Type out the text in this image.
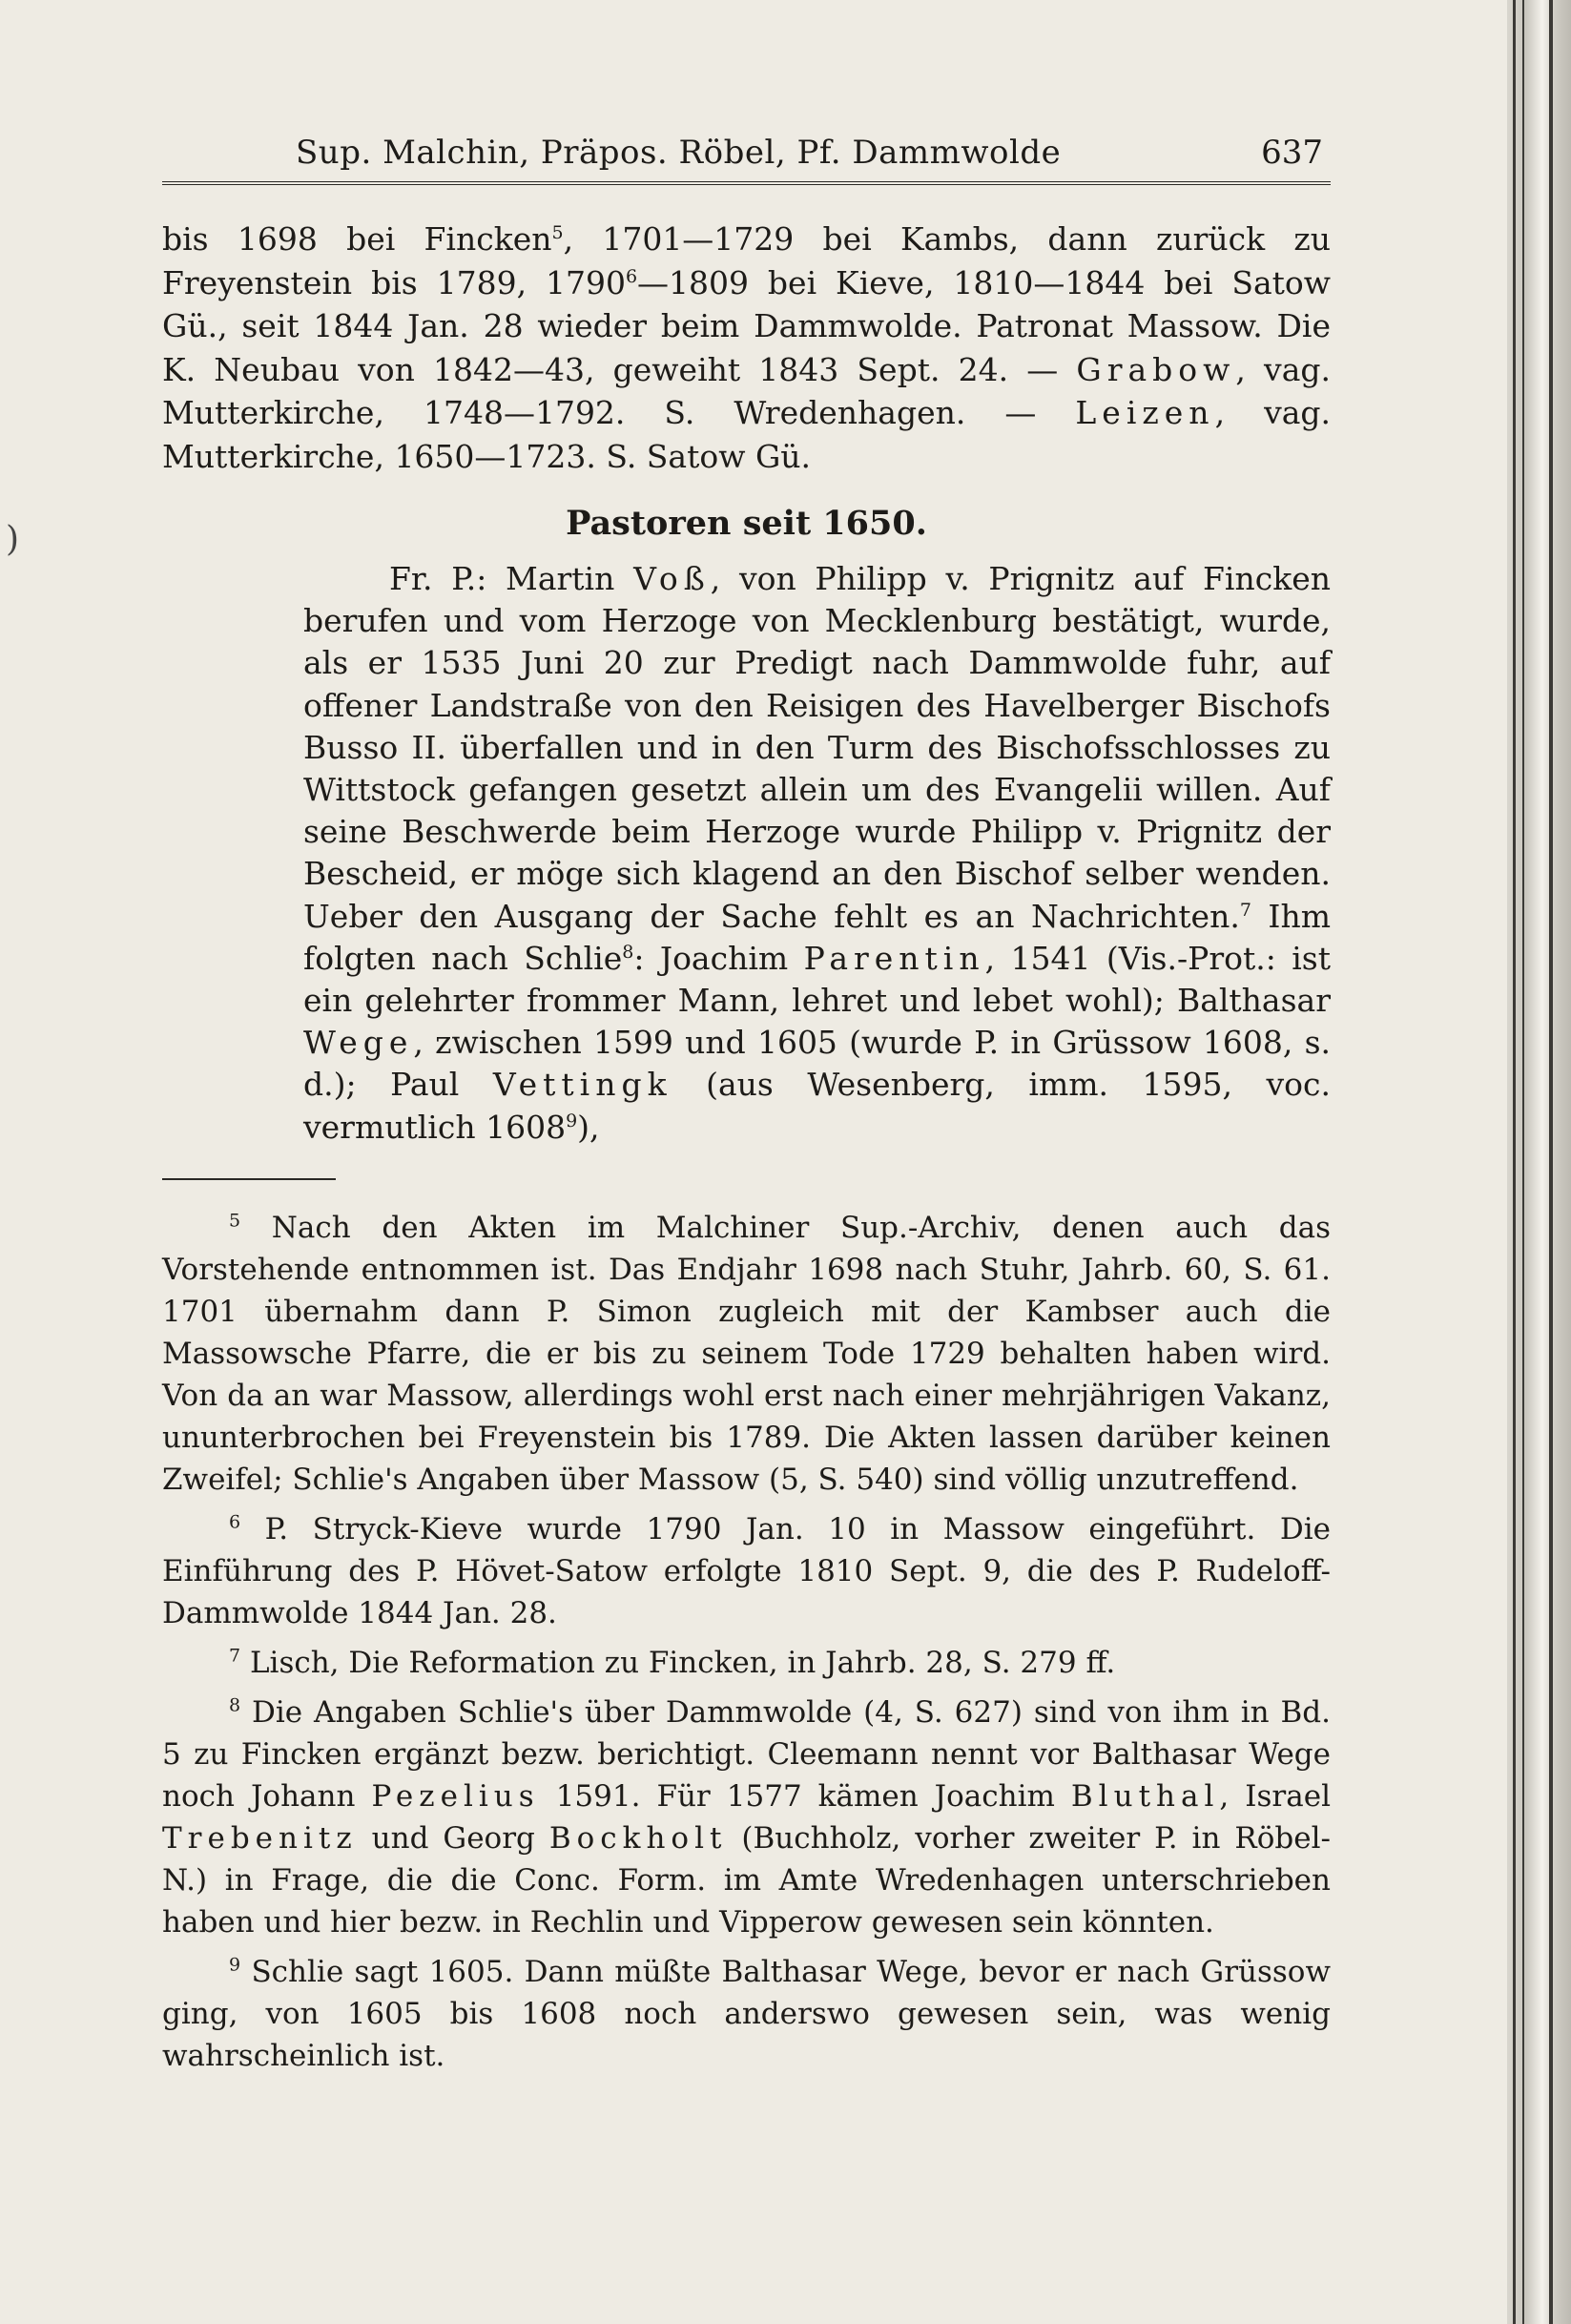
Sup. Malchin, Präpos. Röbel, Pf. Dammwolde	637
)

bis 1698 bei Fincken$^5$, 1701—1729 bei Kambs, dann zurück zu Freyenstein bis 1789, 1790$^6$—1809 bei Kieve, 1810—1844 bei Satow Gü., seit 1844 Jan. 28 wieder beim Dammwolde. Patronat Massow. Die K. Neubau von 1842—43, geweiht 1843 Sept. 24. — Grabow, vag. Mutterkirche, 1748—1792. S. Wredenhagen. — Leizen, vag. Mutterkirche, 1650—1723. S. Satow Gü.

Pastoren seit 1650.

Fr. P.: Martin Voß, von Philipp v. Prignitz auf Fincken berufen und vom Herzoge von Mecklenburg bestätigt, wurde, als er 1535 Juni 20 zur Predigt nach Dammwolde fuhr, auf offener Landstraße von den Reisigen des Havelberger Bischofs Busso II. überfallen und in den Turm des Bischofsschlosses zu Wittstock gefangen gesetzt allein um des Evangelii willen. Auf seine Beschwerde beim Herzoge wurde Philipp v. Prignitz der Bescheid, er möge sich klagend an den Bischof selber wenden. Ueber den Ausgang der Sache fehlt es an Nachrichten.$^7$ Ihm folgten nach Schlie$^8$: Joachim Parentin, 1541 (Vis.-Prot.: ist ein gelehrter frommer Mann, lehret und lebet wohl); Balthasar Wege, zwischen 1599 und 1605 (wurde P. in Grüssow 1608, s. d.); Paul Vettingk (aus Wesenberg, imm. 1595, voc. vermutlich 1608$^9$),

$^5$ Nach den Akten im Malchiner Sup.-Archiv, denen auch das Vorstehende entnommen ist. Das Endjahr 1698 nach Stuhr, Jahrb. 60, S. 61. 1701 übernahm dann P. Simon zugleich mit der Kambser auch die Massowsche Pfarre, die er bis zu seinem Tode 1729 behalten haben wird. Von da an war Massow, allerdings wohl erst nach einer mehrjährigen Vakanz, ununterbrochen bei Freyenstein bis 1789. Die Akten lassen darüber keinen Zweifel; Schlie's Angaben über Massow (5, S. 540) sind völlig unzutreffend.

$^6$ P. Stryck-Kieve wurde 1790 Jan. 10 in Massow eingeführt. Die Einführung des P. Hövet-Satow erfolgte 1810 Sept. 9, die des P. Rudeloff-Dammwolde 1844 Jan. 28.

$^7$ Lisch, Die Reformation zu Fincken, in Jahrb. 28, S. 279 ff.

$^8$ Die Angaben Schlie's über Dammwolde (4, S. 627) sind von ihm in Bd. 5 zu Fincken ergänzt bezw. berichtigt. Cleemann nennt vor Balthasar Wege noch Johann Pezelius 1591. Für 1577 kämen Joachim Bluthal, Israel Trebenitz und Georg Bockholt (Buchholz, vorher zweiter P. in Röbel-N.) in Frage, die die Conc. Form. im Amte Wredenhagen unterschrieben haben und hier bezw. in Rechlin und Vipperow gewesen sein könnten.

$^9$ Schlie sagt 1605. Dann müßte Balthasar Wege, bevor er nach Grüssow ging, von 1605 bis 1608 noch anderswo gewesen sein, was wenig wahrscheinlich ist.
